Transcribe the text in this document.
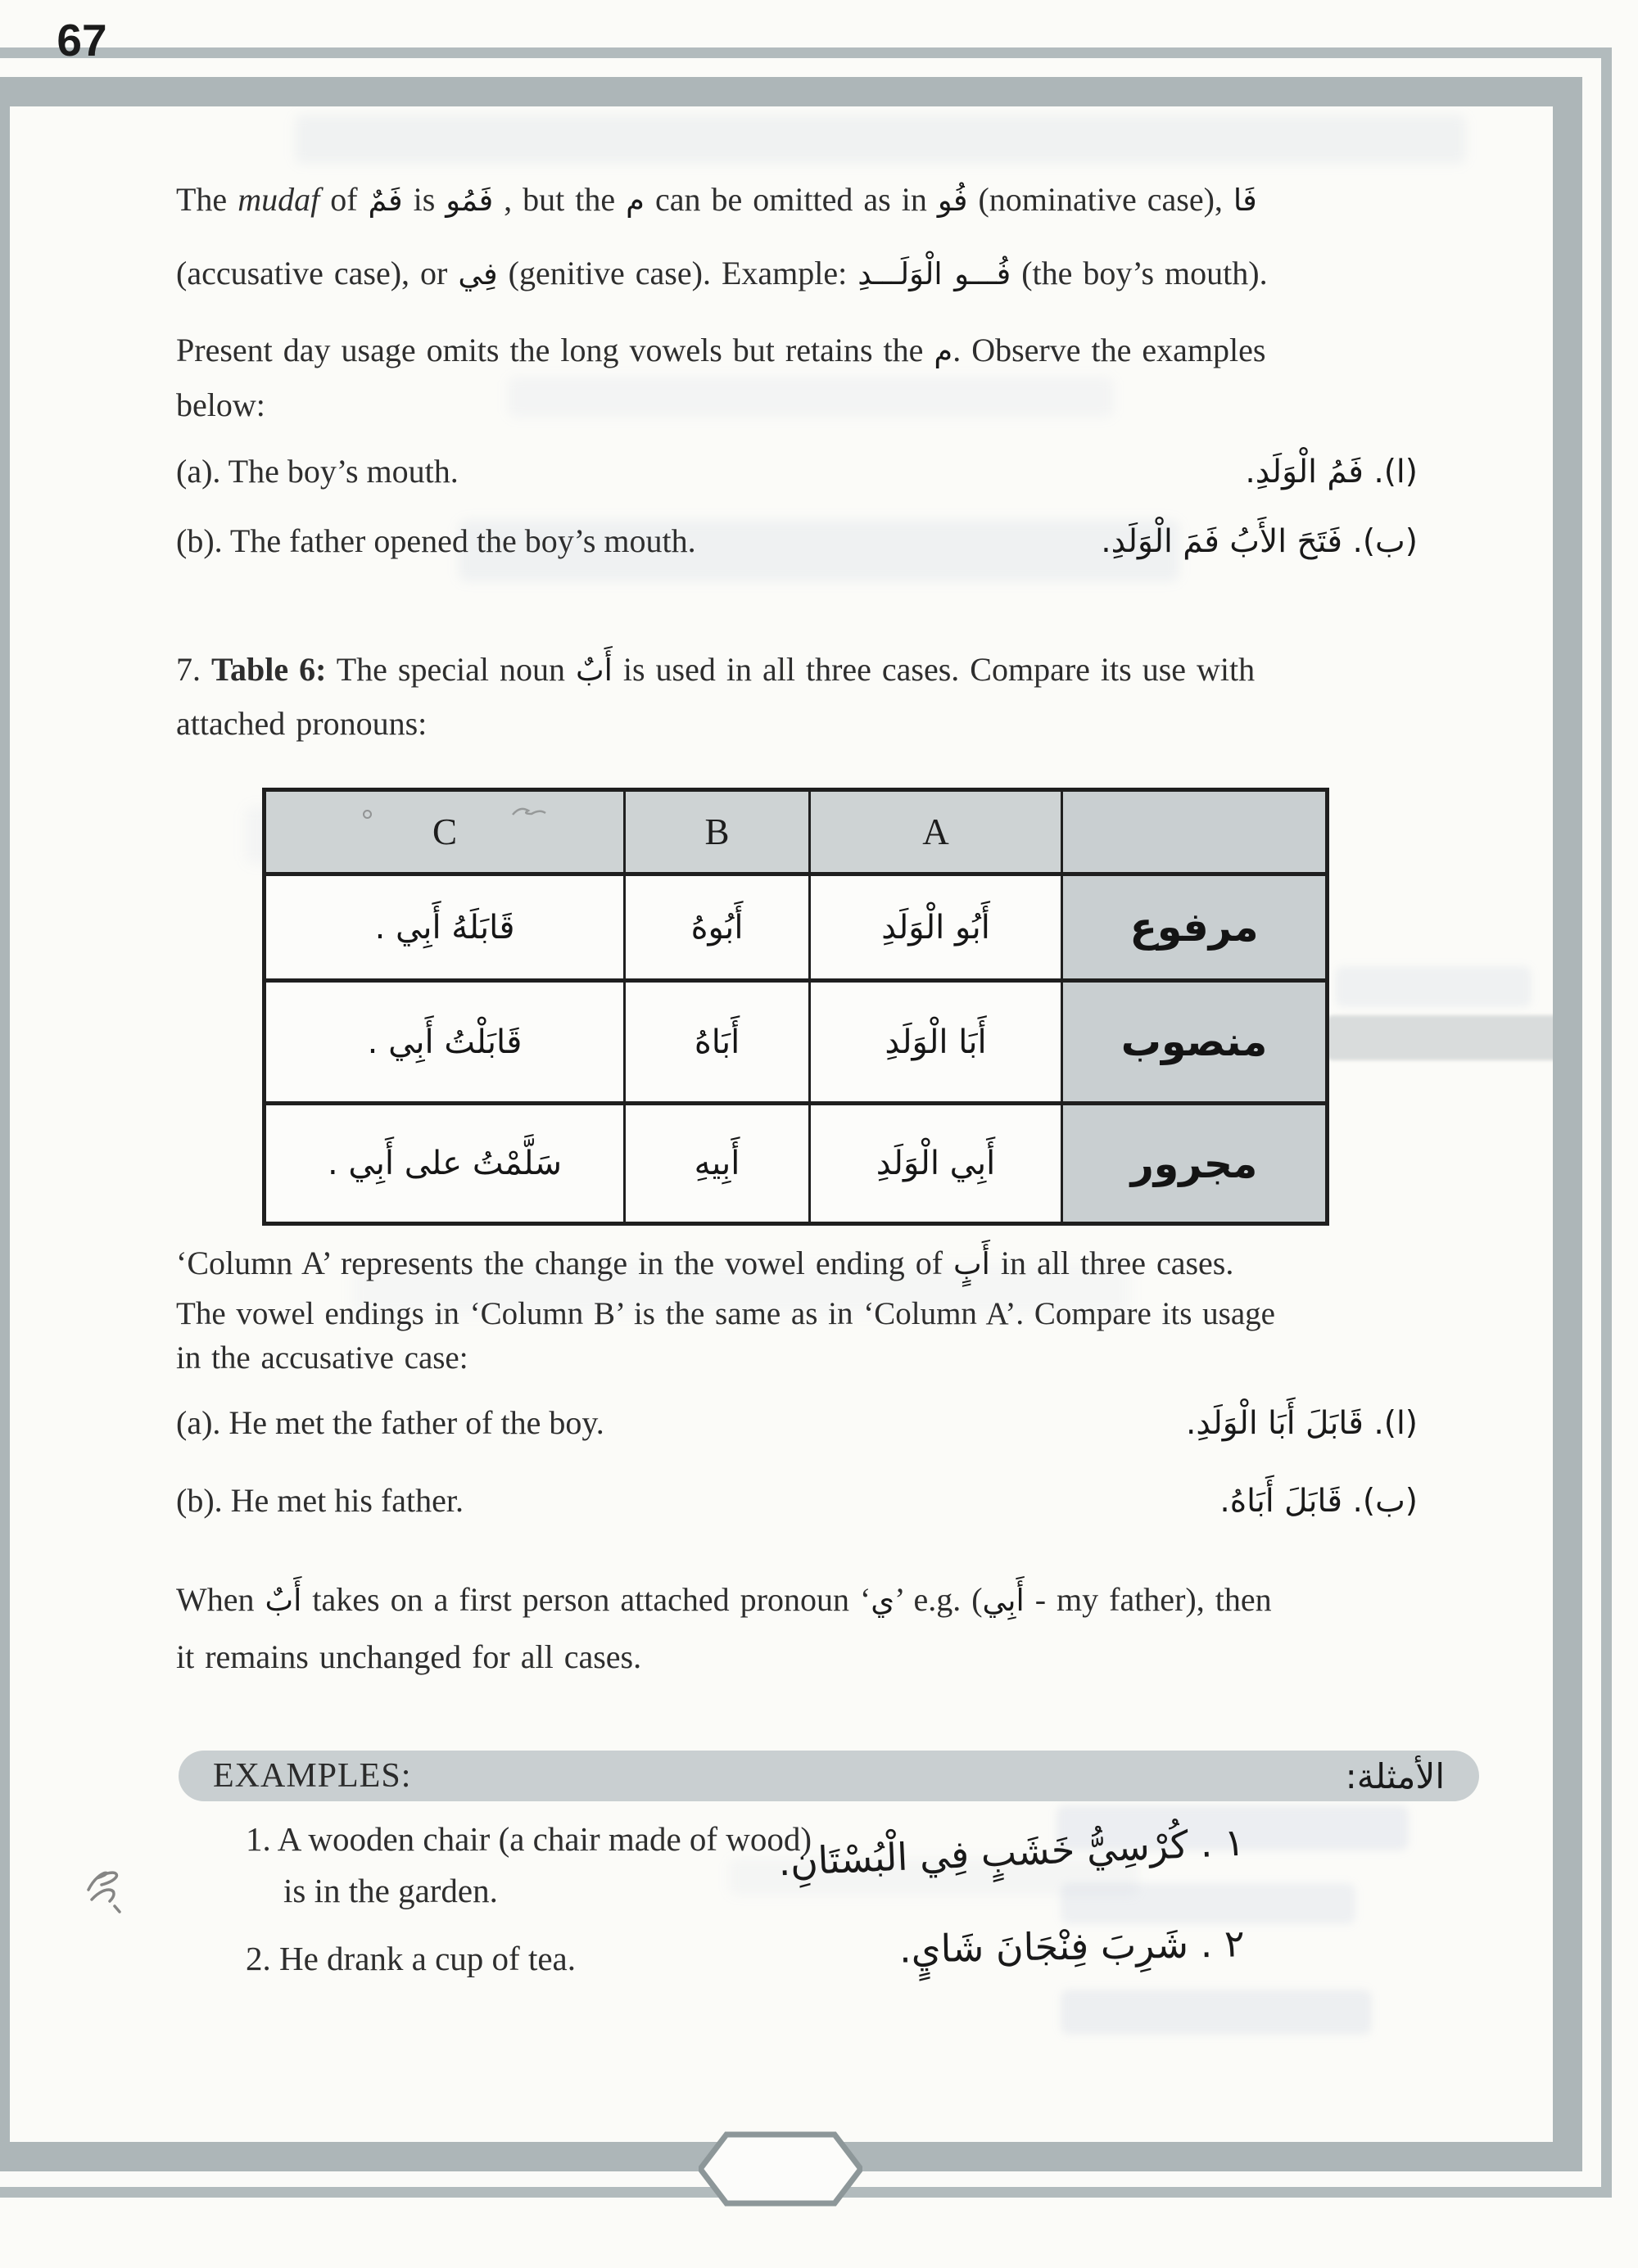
The mudaf of فَمٌ is فَمُو , but the م can be omitted as in فُو (nominative case), فَا
(accusative case), or فِي (genitive case). Example: فُـــو الْوَلَـــدِ (the boy’s mouth).
Present day usage omits the long vowels but retains the م. Observe the examples
below:
(a). The boy’s mouth.	(ا). فَمُ الْوَلَدِ.
(b). The father opened the boy’s mouth.	(ب). فَتَحَ الأَبُ فَمَ الْوَلَدِ.
7. Table 6: The special noun أَبٌ is used in all three cases. Compare its use with
attached pronouns:
C	B	A
قَابَلَهُ أَبِي .	أَبُوهُ	أَبُو الْوَلَدِ	مرفوع
قَابَلْتُ أَبِي .	أَبَاهُ	أَبَا الْوَلَدِ	منصوب
سَلَّمْتُ على أَبِي .	أَبِيهِ	أَبِي الْوَلَدِ	مجرور
‘Column A’ represents the change in the vowel ending of أَبٍ in all three cases.
The vowel endings in ‘Column B’ is the same as in ‘Column A’. Compare its usage
in the accusative case:
(a). He met the father of the boy.	(ا). قَابَلَ أَبَا الْوَلَدِ.
(b). He met his father.	(ب). قَابَلَ أَبَاهُ.
When أَبٌ takes on a first person attached pronoun ‘ي’ e.g. (أَبِي - my father), then
it remains unchanged for all cases.
EXAMPLES:	الأمثلة:
1. A wooden chair (a chair made of wood)
is in the garden.
١ . كُرْسِيُّ خَشَبٍ فِي الْبُسْتَانِ.
2. He drank a cup of tea.	٢ . شَرِبَ فِنْجَانَ شَايٍ.
67
